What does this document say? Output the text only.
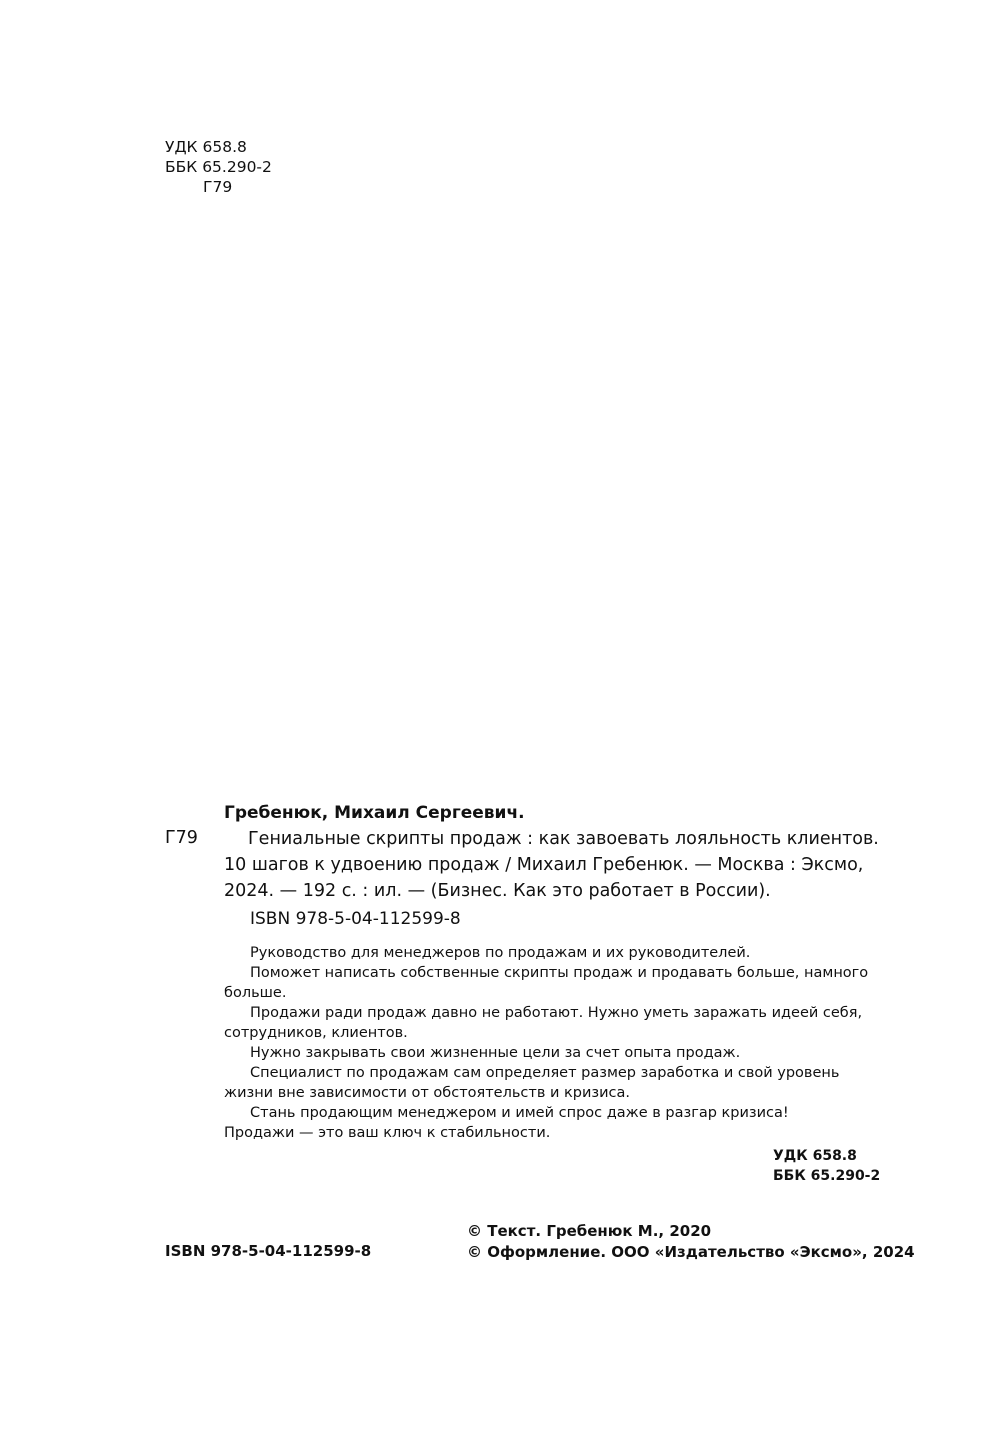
УДК 658.8
ББК 65.290-2
Г79
Гребенюк, Михаил Сергеевич.
Г79	Гениальные скрипты продаж : как завоевать лояльность клиентов.
10 шагов к удвоению продаж / Михаил Гребенюк. — Москва : Эксмо,
2024. — 192 с. : ил. — (Бизнес. Как это работает в России).
ISBN 978-5-04-112599-8
Руководство для менеджеров по продажам и их руководителей.
Поможет написать собственные скрипты продаж и продавать больше, намного
больше.
Продажи ради продаж давно не работают. Нужно уметь заражать идеей себя,
сотрудников, клиентов.
Нужно закрывать свои жизненные цели за счет опыта продаж.
Специалист по продажам сам определяет размер заработка и свой уровень
жизни вне зависимости от обстоятельств и кризиса.
Стань продающим менеджером и имей спрос даже в разгар кризиса!
Продажи — это ваш ключ к стабильности.
УДК 658.8
ББК 65.290-2
ISBN 978-5-04-112599-8
© Текст. Гребенюк М., 2020
© Оформление. ООО «Издательство «Эксмо», 2024
